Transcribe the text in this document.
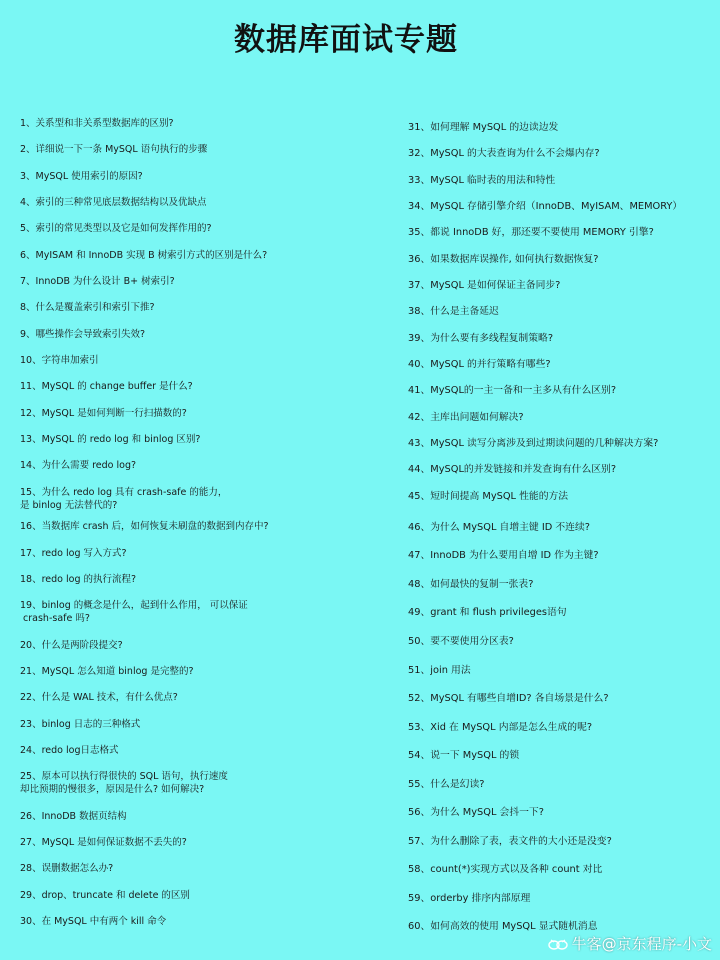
数据库面试专题
1、关系型和非关系型数据库的区别?
2、详细说一下一条 MySQL 语句执行的步骤
3、MySQL 使用索引的原因?
4、索引的三种常见底层数据结构以及优缺点
5、索引的常见类型以及它是如何发挥作用的?
6、MyISAM 和 InnoDB 实现 B 树索引方式的区别是什么?
7、InnoDB 为什么设计 B+ 树索引?
8、什么是覆盖索引和索引下推?
9、哪些操作会导致索引失效?
10、字符串加索引
11、MySQL 的 change buffer 是什么?
12、MySQL 是如何判断一行扫描数的?
13、MySQL 的 redo log 和 binlog 区别?
14、为什么需要 redo log?
15、为什么 redo log 具有 crash-safe 的能力，
是 binlog 无法替代的?
16、当数据库 crash 后，如何恢复未刷盘的数据到内存中?
17、redo log 写入方式?
18、redo log 的执行流程?
19、binlog 的概念是什么，起到什么作用， 可以保证
crash-safe 吗?
20、什么是两阶段提交?
21、MySQL 怎么知道 binlog 是完整的?
22、什么是 WAL 技术，有什么优点?
23、binlog 日志的三种格式
24、redo log日志格式
25、原本可以执行得很快的 SQL 语句，执行速度
却比预期的慢很多，原因是什么? 如何解决?
26、InnoDB 数据页结构
27、MySQL 是如何保证数据不丢失的?
28、误删数据怎么办?
29、drop、truncate 和 delete 的区别
30、在 MySQL 中有两个 kill 命令
31、如何理解 MySQL 的边读边发
32、MySQL 的大表查询为什么不会爆内存?
33、MySQL 临时表的用法和特性
34、MySQL 存储引擎介绍（InnoDB、MyISAM、MEMORY）
35、都说 InnoDB 好，那还要不要使用 MEMORY 引擎?
36、如果数据库误操作, 如何执行数据恢复?
37、MySQL 是如何保证主备同步?
38、什么是主备延迟
39、为什么要有多线程复制策略?
40、MySQL 的并行策略有哪些?
41、MySQL的一主一备和一主多从有什么区别?
42、主库出问题如何解决?
43、MySQL 读写分离涉及到过期读问题的几种解决方案?
44、MySQL的并发链接和并发查询有什么区别?
45、短时间提高 MySQL 性能的方法
46、为什么 MySQL 自增主键 ID 不连续?
47、InnoDB 为什么要用自增 ID 作为主键?
48、如何最快的复制一张表?
49、grant 和 flush privileges语句
50、要不要使用分区表?
51、join 用法
52、MySQL 有哪些自增ID? 各自场景是什么?
53、Xid 在 MySQL 内部是怎么生成的呢?
54、说一下 MySQL 的锁
55、什么是幻读?
56、为什么 MySQL 会抖一下?
57、为什么删除了表，表文件的大小还是没变?
58、count(*)实现方式以及各种 count 对比
59、orderby 排序内部原理
60、如何高效的使用 MySQL 显式随机消息
牛客@京东程序-小文
